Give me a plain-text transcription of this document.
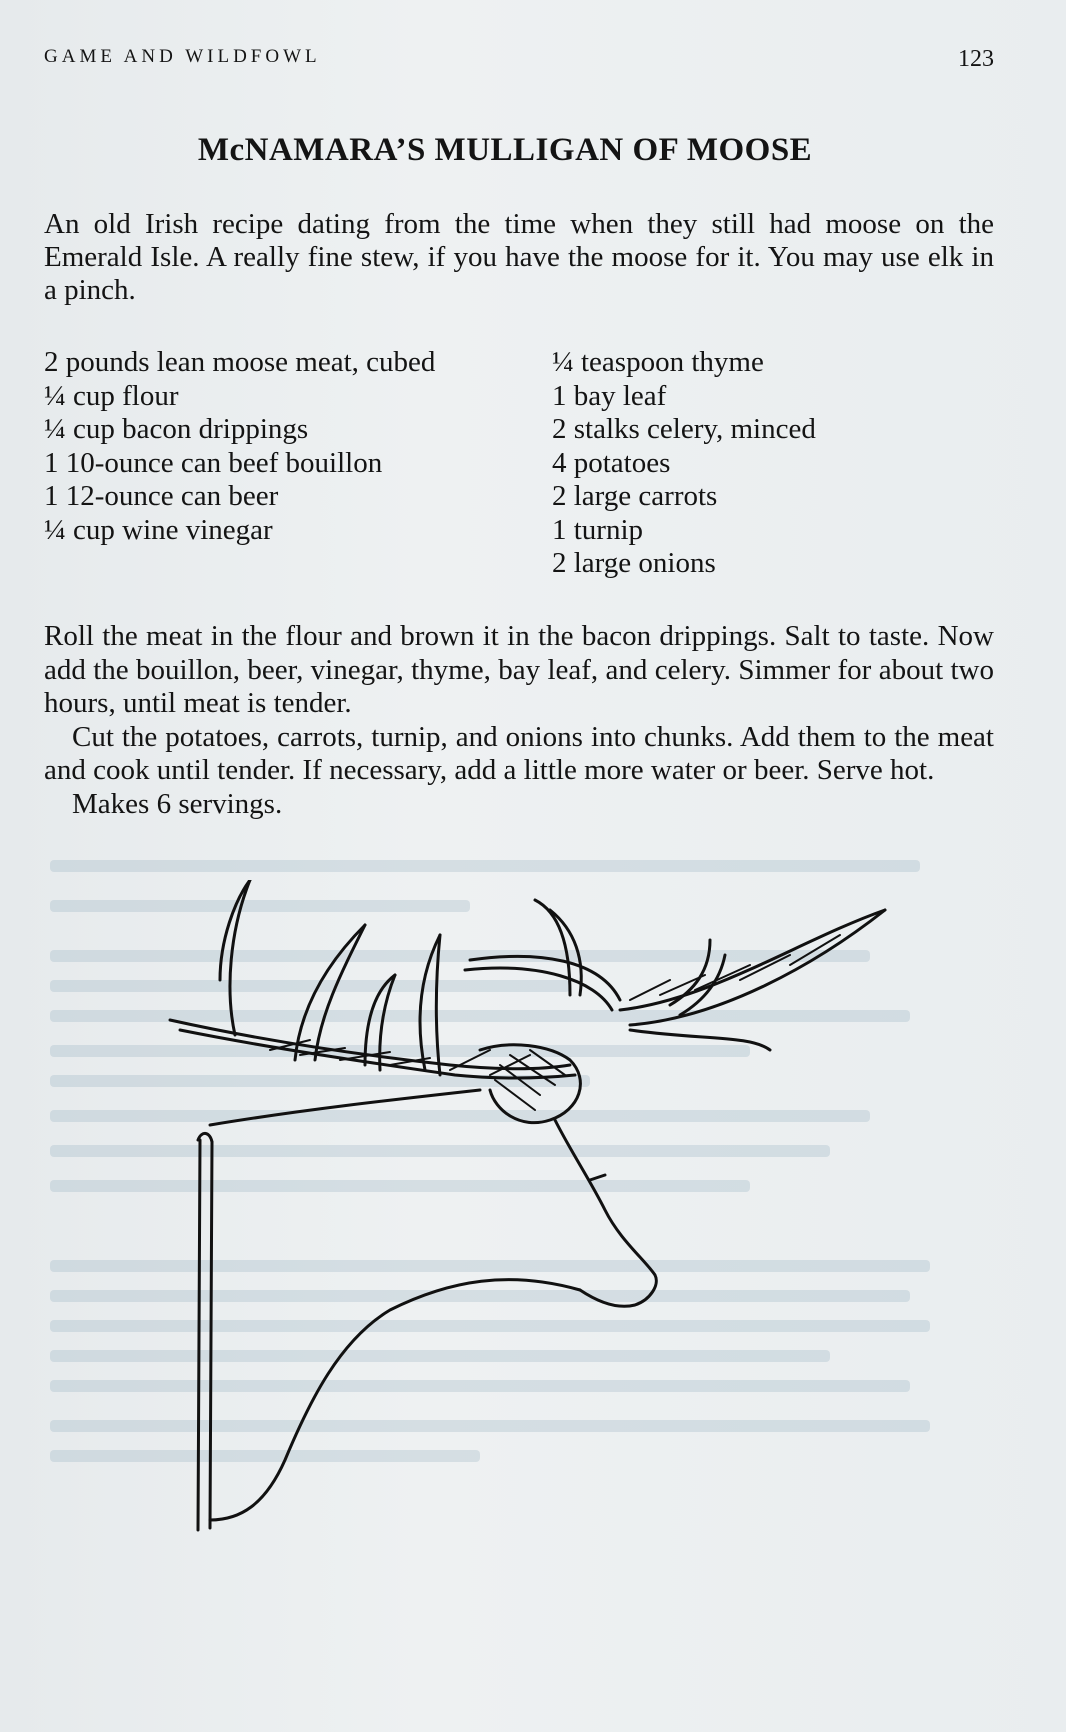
GAME AND WILDFOWL	123
McNAMARA’S MULLIGAN OF MOOSE

An old Irish recipe dating from the time when they still had moose on the Emerald Isle. A really fine stew, if you have the moose for it. You may use elk in a pinch.

2 pounds lean moose meat, cubed
¼ cup flour
¼ cup bacon drippings
1 10-ounce can beef bouillon
1 12-ounce can beer
¼ cup wine vinegar
¼ teaspoon thyme
1 bay leaf
2 stalks celery, minced
4 potatoes
2 large carrots
1 turnip
2 large onions

Roll the meat in the flour and brown it in the bacon drippings. Salt to taste. Now add the bouillon, beer, vinegar, thyme, bay leaf, and celery. Simmer for about two hours, until meat is tender.

Cut the potatoes, carrots, turnip, and onions into chunks. Add them to the meat and cook until tender. If necessary, add a little more water or beer. Serve hot.

Makes 6 servings.
